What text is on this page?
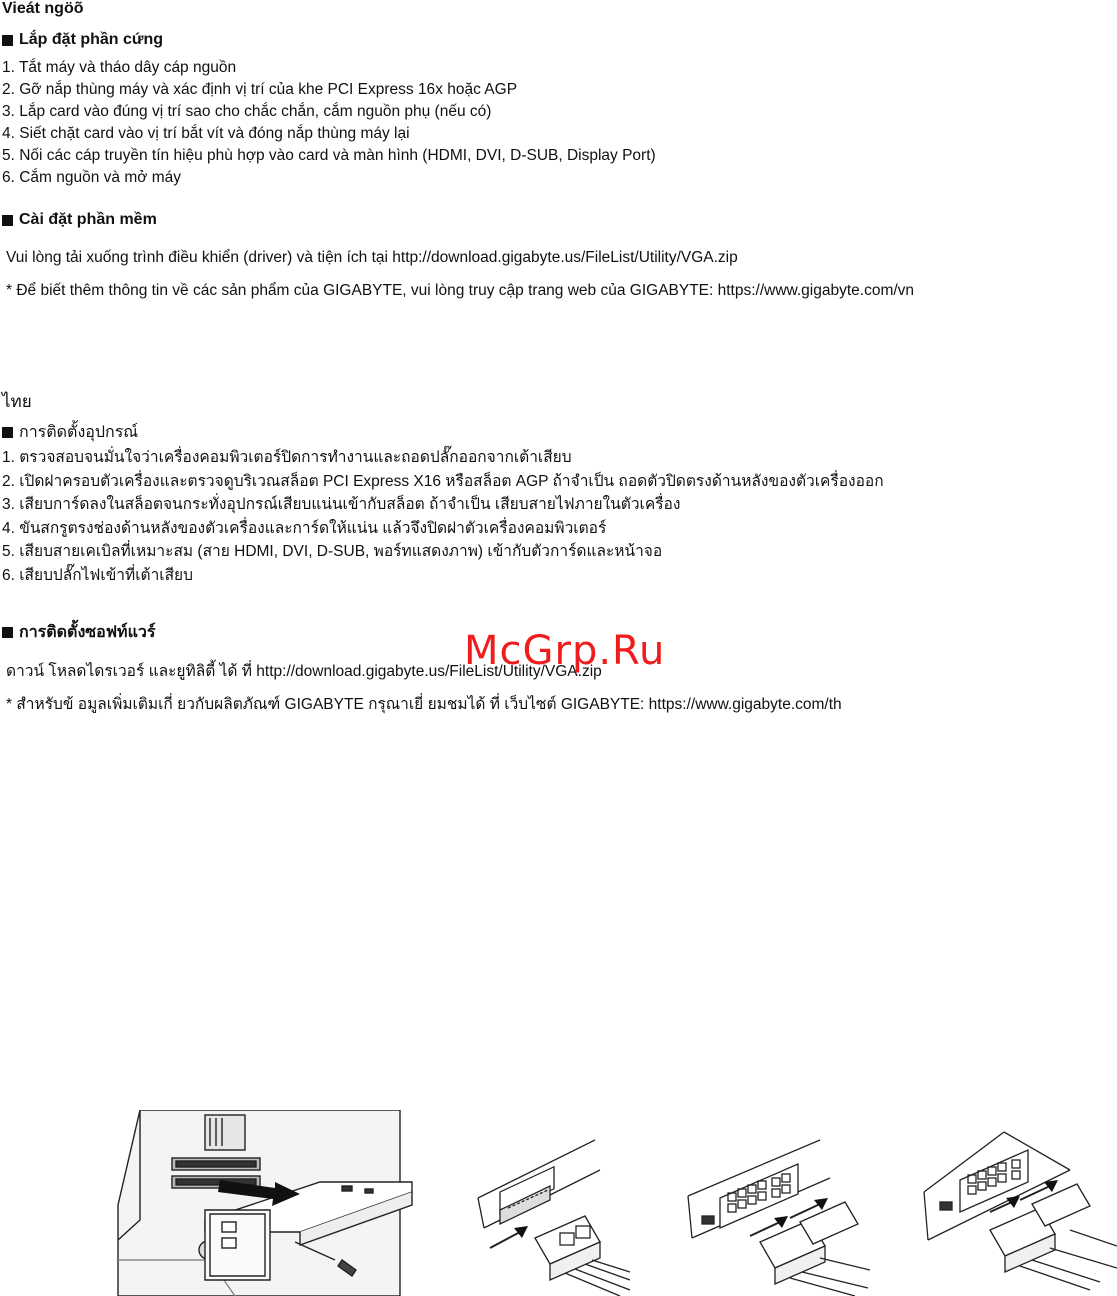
Vieát ngöõ
Lắp đặt phần cứng
1. Tắt máy và tháo dây cáp nguồn
2. Gỡ nắp thùng máy và xác định vị trí của khe PCI Express 16x hoặc AGP
3. Lắp card vào đúng vị trí sao cho chắc chắn, cắm nguồn phụ (nếu có)
4. Siết chặt card vào vị trí bắt vít và đóng nắp thùng máy lại
5. Nối các cáp truyền tín hiệu phù hợp vào card và màn hình (HDMI, DVI, D-SUB, Display Port)
6. Cắm nguồn và mở máy
Cài đặt phần mềm
Vui lòng tải xuống trình điều khiển (driver) và tiện ích tại http://download.gigabyte.us/FileList/Utility/VGA.zip
* Để biết thêm thông tin về các sản phẩm của GIGABYTE, vui lòng truy cập trang web của GIGABYTE: https://www.gigabyte.com/vn
ไทย
การติดตั้งอุปกรณ์
1. ตรวจสอบจนมั่นใจว่าเครื่องคอมพิวเตอร์ปิดการทำงานและถอดปลั๊กออกจากเต้าเสียบ
2. เปิดฝาครอบตัวเครื่องและตรวจดูบริเวณสล็อต PCI Express X16 หรือสล็อต AGP ถ้าจำเป็น ถอดตัวปิดตรงด้านหลังของตัวเครื่องออก
3. เสียบการ์ดลงในสล็อตจนกระทั่งอุปกรณ์เสียบแน่นเข้ากับสล็อต ถ้าจำเป็น เสียบสายไฟภายในตัวเครื่อง
4. ขันสกรูตรงช่องด้านหลังของตัวเครื่องและการ์ดให้แน่น แล้วจึงปิดฝาตัวเครื่องคอมพิวเตอร์
5. เสียบสายเคเบิลที่เหมาะสม (สาย HDMI, DVI, D-SUB, พอร์ทแสดงภาพ) เข้ากับตัวการ์ดและหน้าจอ
6. เสียบปลั๊กไฟเข้าที่เต้าเสียบ
การติดตั้งซอฟท์แวร์
ดาวน์ โหลดไดรเวอร์ และยูทิลิตี้ ได้ ที่ http://download.gigabyte.us/FileList/Utility/VGA.zip
* สำหรับข้ อมูลเพิ่มเติมเกี่ ยวกับผลิตภัณฑ์ GIGABYTE กรุณาเยี่ ยมชมได้ ที่ เว็บไซต์ GIGABYTE: https://www.gigabyte.com/th
McGrp.Ru
